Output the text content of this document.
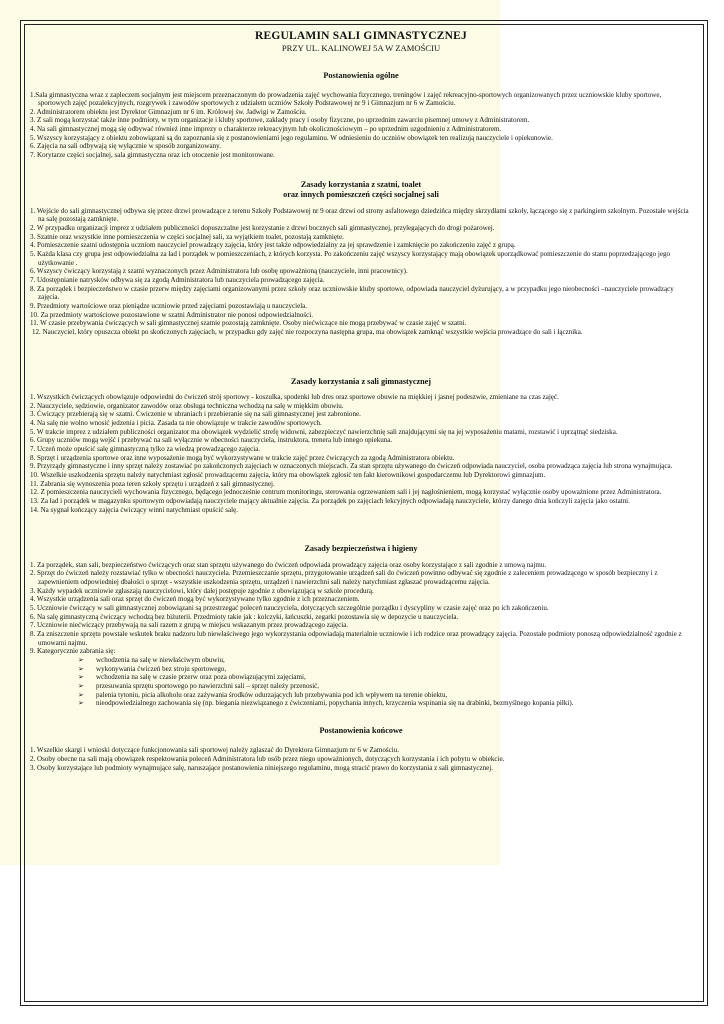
REGULAMIN SALI GIMNASTYCZNEJ
PRZY UL. KALINOWEJ 5A W ZAMOŚCIU
Postanowienia ogólne
1.Sala gimnastyczna wraz z zapleczem socjalnym jest miejscem przeznaczonym do prowadzenia zajęć wychowania fizycznego, treningów i zajęć rekreacyjno-sportowych organizowanych przez uczniowskie kluby sportowe, sportowych zajęć pozalekcyjnych, rozgrywek i zawodów sportowych z udziałem uczniów Szkoły Podstawowej nr 9 i Gimnazjum nr 6 w Zamościu.
2. Administratorem obiektu jest Dyrektor Gimnazjum nr 6 im. Królowej św. Jadwigi w Zamościu.
3. Z sali mogą korzystać także inne podmioty, w tym organizacje i kluby sportowe, zakłady pracy i osoby fizyczne, po uprzednim zawarciu pisemnej umowy z Administratorem.
4. Na sali gimnastycznej mogą się odbywać również inne imprezy o charakterze rekreacyjnym lub okolicznościowym – po uprzednim uzgodnieniu z Administratorem.
5. Wszyscy korzystający z obiektu zobowiązani są do zapoznania się z postanowieniami jego regulaminu. W odniesieniu do uczniów obowiązek ten realizują nauczyciele i opiekunowie.
6. Zajęcia na sali odbywają się wyłącznie w sposób zorganizowany.
7. Korytarze części socjalnej, sala gimnastyczna oraz ich otoczenie jest monitorowane.
Zasady korzystania z szatni, toalet
oraz innych pomieszczeń części socjalnej sali
1. Wejście do sali gimnastycznej odbywa się przez drzwi prowadzące z terenu Szkoły Podstawowej nr 9 oraz drzwi od strony asfaltowego dziedzińca między skrzydłami szkoły, łączącego się z parkingiem szkolnym. Pozostałe wejścia na salę pozostają zamknięte.
2. W przypadku organizacji imprez z udziałem publiczności dopuszczalne jest korzystanie z drzwi bocznych sali gimnastycznej, przylegających do drogi pożarowej.
3. Szatnie oraz wszystkie inne pomieszczenia w części socjalnej sali, za wyjątkiem toalet, pozostają zamknięte.
4. Pomieszczenie szatni udostępnia uczniom nauczyciel prowadzący zajęcia, który jest także odpowiedzialny za jej sprawdzenie i zamknięcie po zakończeniu zajęć z grupą.
5. Każda klasa czy grupa jest odpowiedzialna za ład i porządek w pomieszczeniach, z których korzysta. Po zakończeniu zajęć wszyscy korzystający mają obowiązek uporządkować pomieszczenie do stanu poprzedzającego jego użytkowanie .
6. Wszyscy ćwiczący korzystają z szatni wyznaczonych przez Administratora lub osobę upoważnioną (nauczyciele, inni pracownicy).
7. Udostępnianie natrysków odbywa się za zgodą Administratora lub nauczyciela prowadzącego zajęcia.
8. Za porządek i bezpieczeństwo w czasie przerw między zajęciami organizowanymi przez szkoły oraz uczniowskie kluby sportowe, odpowiada nauczyciel dyżurujący, a w przypadku jego nieobecności –nauczyciele prowadzący zajęcia.
9. Przedmioty wartościowe oraz pieniądze uczniowie przed zajęciami pozostawiają u nauczyciela.
10. Za przedmioty wartościowe pozostawione w szatni Administrator nie ponosi odpowiedzialności.
11. W czasie przebywania ćwiczących w sali gimnastycznej szatnie pozostają zamknięte. Osoby niećwiczące nie mogą przebywać w czasie zajęć w szatni.
12. Nauczyciel, który opuszcza obiekt po skończonych zajęciach, w przypadku gdy zajęć nie rozpoczyna następna grupa, ma obowiązek zamknąć wszystkie wejścia prowadzące do sali i łącznika.
Zasady korzystania z sali gimnastycznej
1. Wszystkich ćwiczących obowiązuje odpowiedni do ćwiczeń strój sportowy - koszulka, spodenki lub dres oraz sportowe obuwie na miękkiej i jasnej podeszwie, zmieniane na czas zajęć.
2. Nauczyciele, sędziowie, organizator zawodów oraz obsługa techniczna wchodzą na salę w miękkim obuwiu.
3. Ćwiczący przebierają się w szatni. Ćwiczenie w ubraniach i przebieranie się na sali gimnastycznej jest zabronione.
4. Na salę nie wolno wnosić jedzenia i picia. Zasada ta nie obowiązuje w trakcie zawodów sportowych.
5. W trakcie imprez z udziałem publiczności organizator ma obowiązek wydzielić strefę widowni, zabezpieczyć nawierzchnię sali znajdującymi się na jej wyposażeniu matami, rozstawić i uprzątnąć siedziska.
6. Grupy uczniów mogą wejść i przebywać na sali wyłącznie w obecności nauczyciela, instruktora, trenera lub innego opiekuna.
7. Uczeń może opuścić salę gimnastyczną tylko za wiedzą prowadzącego zajęcia.
8. Sprzęt i urządzenia sportowe oraz inne wyposażenie mogą być wykorzystywane w trakcie zajęć przez ćwiczących za zgodą Administratora obiektu.
9. Przyrządy gimnastyczne i inny sprzęt należy zostawiać po zakończonych zajęciach w oznaczonych miejscach. Za stan sprzętu używanego do ćwiczeń odpowiada nauczyciel, osoba prowadząca zajęcia lub strona wynajmująca.
10. Wszelkie uszkodzenia sprzętu należy natychmiast zgłosić prowadzącemu zajęcia, który ma obowiązek zgłosić ten fakt kierownikowi gospodarczemu lub Dyrektorowi gimnazjum.
11. Zabrania się wynoszenia poza teren szkoły sprzętu i urządzeń z sali gimnastycznej.
12. Z pomieszczenia nauczycieli wychowania fizycznego, będącego jednocześnie centrum monitoringu, sterowania ogrzewaniem sali i jej nagłośnieniem, mogą korzystać wyłącznie osoby upoważnione przez Administratora.
13. Za ład i porządek w magazynku sportowym odpowiadają nauczyciele mający aktualnie zajęcia. Za porządek po zajęciach lekcyjnych odpowiadają nauczyciele, którzy danego dnia kończyli zajęcia jako ostatni.
14. Na sygnał kończący zajęcia ćwiczący winni natychmiast opuścić salę.
Zasady bezpieczeństwa i higieny
1. Za porządek, stan sali, bezpieczeństwo ćwiczących oraz stan sprzętu używanego do ćwiczeń odpowiada prowadzący zajęcia oraz osoby korzystające z sali zgodnie z umową najmu.
2. Sprzęt do ćwiczeń należy rozstawiać tylko w obecności nauczyciela. Przemieszczanie sprzętu, przygotowanie urządzeń sali do ćwiczeń powinno odbywać się zgodnie z zaleceniem prowadzącego w sposób bezpieczny i z zapewnieniem odpowiedniej dbałości o sprzęt - wszystkie uszkodzenia sprzętu, urządzeń i nawierzchni sali należy natychmiast zgłaszać prowadzącemu zajęcia.
3. Każdy wypadek uczniowie zgłaszają nauczycielowi, który dalej postępuje zgodnie z obowiązującą w szkole procedurą.
4. Wszystkie urządzenia sali oraz sprzęt do ćwiczeń mogą być wykorzystywane tylko zgodnie z ich przeznaczeniem.
5. Uczniowie ćwiczący w sali gimnastycznej zobowiązani są przestrzegać poleceń nauczyciela, dotyczących szczególnie porządku i dyscypliny w czasie zajęć oraz po ich zakończeniu.
6. Na salę gimnastyczną ćwiczący wchodzą bez biżuterii. Przedmioty takie jak : kolczyki, łańcuszki, zegarki pozostawia się w depozycie u nauczyciela.
7. Uczniowie niećwiczący przebywają na sali razem z grupą w miejscu wskazanym przez prowadzącego zajęcia.
8. Za zniszczenie sprzętu powstałe wskutek braku nadzoru lub niewłaściwego jego wykorzystania odpowiadają materialnie uczniowie i ich rodzice oraz prowadzący zajęcia. Pozostałe podmioty ponoszą odpowiedzialność zgodnie z umowami najmu.
9. Kategorycznie zabrania się:
➢ wchodzenia na salę w niewłaściwym obuwiu,
➢ wykonywania ćwiczeń bez stroju sportowego,
➢ wchodzenia na salę w czasie przerw oraz poza obowiązującymi zajęciami,
➢ przesuwania sprzętu sportowego po nawierzchni sali – sprzęt należy przenosić,
➢ palenia tytoniu, picia alkoholu oraz zażywania środków odurzających lub przebywania pod ich wpływem na terenie obiektu,
➢ nieodpowiedzialnego zachowania się (np. biegania niezwiązanego z ćwiczeniami, popychania innych, krzyczenia wspinania się na drabinki, bezmyślnego kopania piłki).
Postanowienia końcowe
1. Wszelkie skargi i wnioski dotyczące funkcjonowania sali sportowej należy zgłaszać do Dyrektora Gimnazjum nr 6 w Zamościu.
2. Osoby obecne na sali mają obowiązek respektowania poleceń Administratora lub osób przez niego upoważnionych, dotyczących korzystania i ich pobytu w obiekcie.
3. Osoby korzystające lub podmioty wynajmujące salę, naruszające postanowienia niniejszego regulaminu, mogą stracić prawo do korzystania z sali gimnastycznej.
